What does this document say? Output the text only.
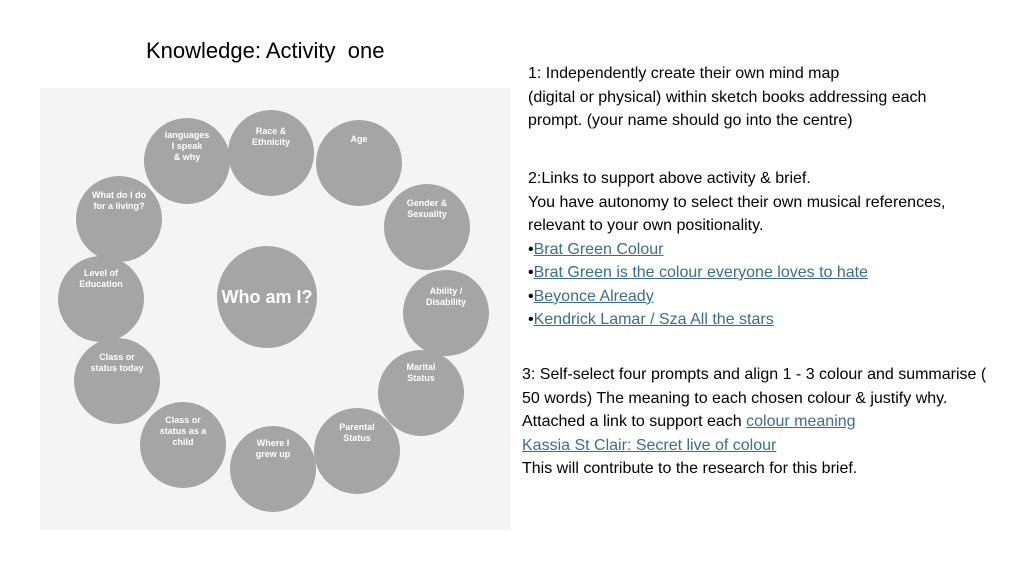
Knowledge: Activity  one
Who am I?
Race &
Ethnicity	Age
Gender &
Sexuality
Ability /
Disability
Marital
Status
Parental
Status
Where I
grew up
Class or
status as a
child
Class or
status today
Level of
Education
What do I do
for a living?
languages
I speak
& why
1: Independently create their own mind map
(digital or physical) within sketch books addressing each
prompt. (your name should go into the centre)

2:Links to support above activity & brief.

You have autonomy to select their own musical references, relevant to your own positionality.

•Brat Green Colour
•Brat Green is the colour everyone loves to hate
•Beyonce Already
•Kendrick Lamar / Sza All the stars

3: Self-select four prompts and align 1 - 3 colour and summarise ( 50 words) The meaning to each chosen colour & justify why. Attached a link to support each colour meaning

Kassia St Clair: Secret live of colour

This will contribute to the research for this brief.
